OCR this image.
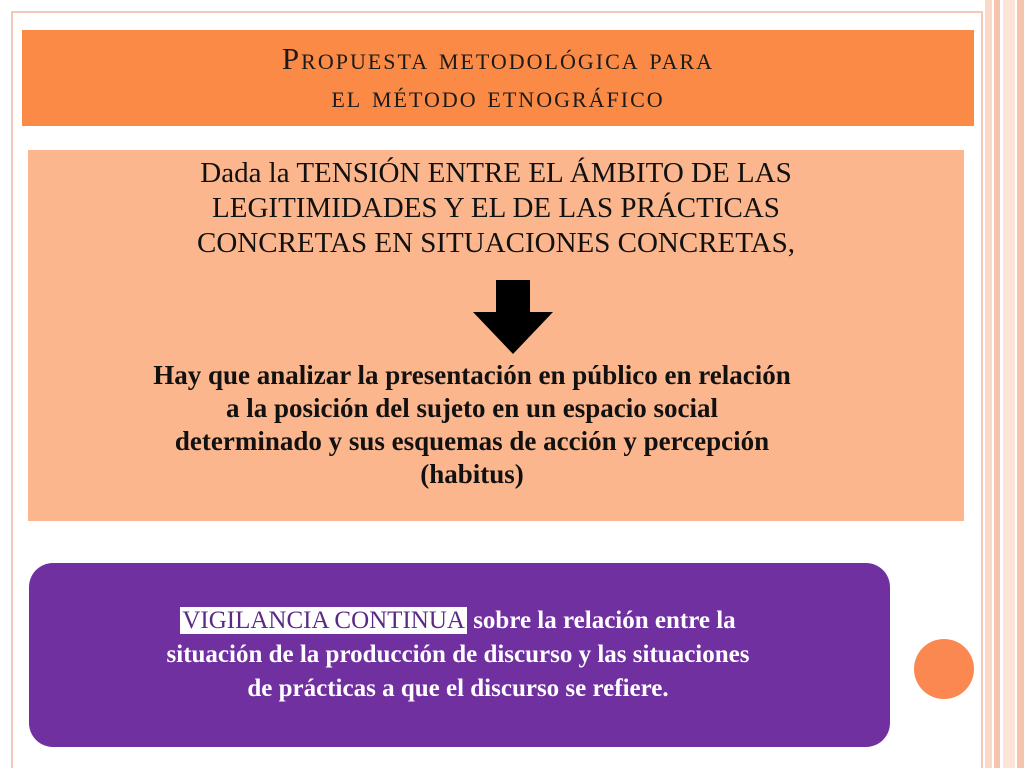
Propuesta metodológica para
el método etnográfico
Dada la TENSIÓN ENTRE EL ÁMBITO DE LAS
LEGITIMIDADES Y EL DE LAS PRÁCTICAS
CONCRETAS EN SITUACIONES CONCRETAS,
Hay que analizar la presentación en público en relación
a la posición del sujeto en un espacio social
determinado y sus esquemas de acción y percepción
(habitus)
VIGILANCIA CONTINUA sobre la relación entre la
situación de la producción de discurso y las situaciones
de prácticas a que el discurso se refiere.
